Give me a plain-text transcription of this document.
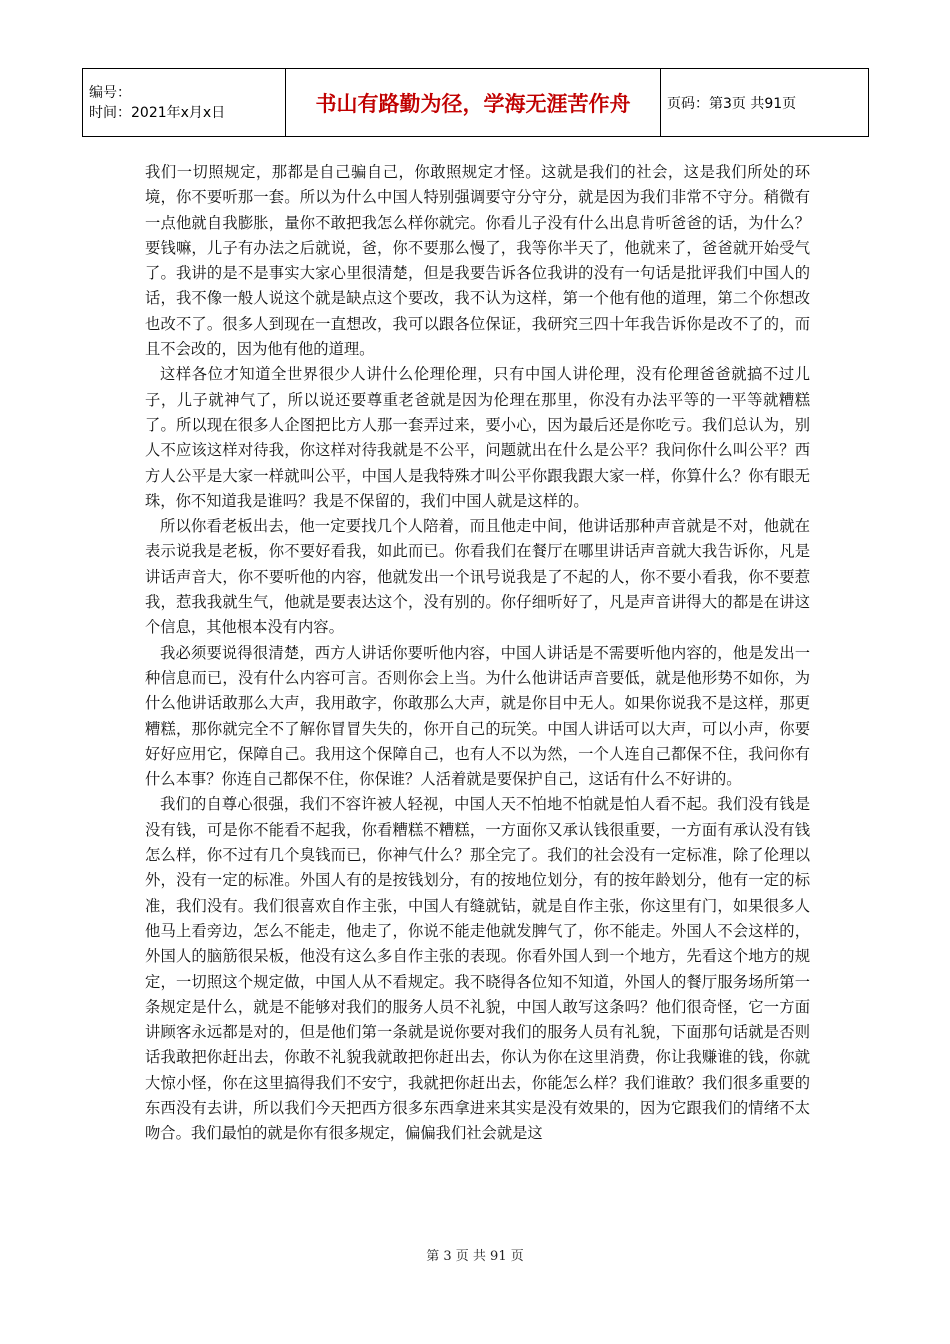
编号：
时间：2021年x月x日	书山有路勤为径，学海无涯苦作舟	页码：第3页 共91页

我们一切照规定，那都是自己骗自己，你敢照规定才怪。这就是我们的社会，这是我们所处的环境，你不要听那一套。所以为什么中国人特别强调要守分守分，就是因为我们非常不守分。稍微有一点他就自我膨胀，量你不敢把我怎么样你就完。你看儿子没有什么出息肯听爸爸的话，为什么？要钱嘛，儿子有办法之后就说，爸，你不要那么慢了，我等你半天了，他就来了，爸爸就开始受气了。我讲的是不是事实大家心里很清楚，但是我要告诉各位我讲的没有一句话是批评我们中国人的话，我不像一般人说这个就是缺点这个要改，我不认为这样，第一个他有他的道理，第二个你想改也改不了。很多人到现在一直想改，我可以跟各位保证，我研究三四十年我告诉你是改不了的，而且不会改的，因为他有他的道理。

这样各位才知道全世界很少人讲什么伦理伦理，只有中国人讲伦理，没有伦理爸爸就搞不过儿子，儿子就神气了，所以说还要尊重老爸就是因为伦理在那里，你没有办法平等的一平等就糟糕了。所以现在很多人企图把比方人那一套弄过来，要小心，因为最后还是你吃亏。我们总认为，别人不应该这样对待我，你这样对待我就是不公平，问题就出在什么是公平？我问你什么叫公平？西方人公平是大家一样就叫公平，中国人是我特殊才叫公平你跟我跟大家一样，你算什么？你有眼无珠，你不知道我是谁吗？我是不保留的，我们中国人就是这样的。

所以你看老板出去，他一定要找几个人陪着，而且他走中间，他讲话那种声音就是不对，他就在表示说我是老板，你不要好看我，如此而已。你看我们在餐厅在哪里讲话声音就大我告诉你，凡是讲话声音大，你不要听他的内容，他就发出一个讯号说我是了不起的人，你不要小看我，你不要惹我，惹我我就生气，他就是要表达这个，没有别的。你仔细听好了，凡是声音讲得大的都是在讲这个信息，其他根本没有内容。

我必须要说得很清楚，西方人讲话你要听他内容，中国人讲话是不需要听他内容的，他是发出一种信息而已，没有什么内容可言。否则你会上当。为什么他讲话声音要低，就是他形势不如你，为什么他讲话敢那么大声，我用敢字，你敢那么大声，就是你目中无人。如果你说我不是这样，那更糟糕，那你就完全不了解你冒冒失失的，你开自己的玩笑。中国人讲话可以大声，可以小声，你要好好应用它，保障自己。我用这个保障自己，也有人不以为然，一个人连自己都保不住，我问你有什么本事？你连自己都保不住，你保谁？人活着就是要保护自己，这话有什么不好讲的。

我们的自尊心很强，我们不容许被人轻视，中国人天不怕地不怕就是怕人看不起。我们没有钱是没有钱，可是你不能看不起我，你看糟糕不糟糕，一方面你又承认钱很重要，一方面有承认没有钱怎么样，你不过有几个臭钱而已，你神气什么？那全完了。我们的社会没有一定标准，除了伦理以外，没有一定的标准。外国人有的是按钱划分，有的按地位划分，有的按年龄划分，他有一定的标准，我们没有。我们很喜欢自作主张，中国人有缝就钻，就是自作主张，你这里有门，如果很多人他马上看旁边，怎么不能走，他走了，你说不能走他就发脾气了，你不能走。外国人不会这样的，外国人的脑筋很呆板，他没有这么多自作主张的表现。你看外国人到一个地方，先看这个地方的规定，一切照这个规定做，中国人从不看规定。我不晓得各位知不知道，外国人的餐厅服务场所第一条规定是什么，就是不能够对我们的服务人员不礼貌，中国人敢写这条吗？他们很奇怪，它一方面讲顾客永远都是对的，但是他们第一条就是说你要对我们的服务人员有礼貌，下面那句话就是否则话我敢把你赶出去，你敢不礼貌我就敢把你赶出去，你认为你在这里消费，你让我赚谁的钱，你就大惊小怪，你在这里搞得我们不安宁，我就把你赶出去，你能怎么样？我们谁敢？我们很多重要的东西没有去讲，所以我们今天把西方很多东西拿进来其实是没有效果的，因为它跟我们的情绪不太吻合。我们最怕的就是你有很多规定，偏偏我们社会就是这

第 3 页 共 91 页
